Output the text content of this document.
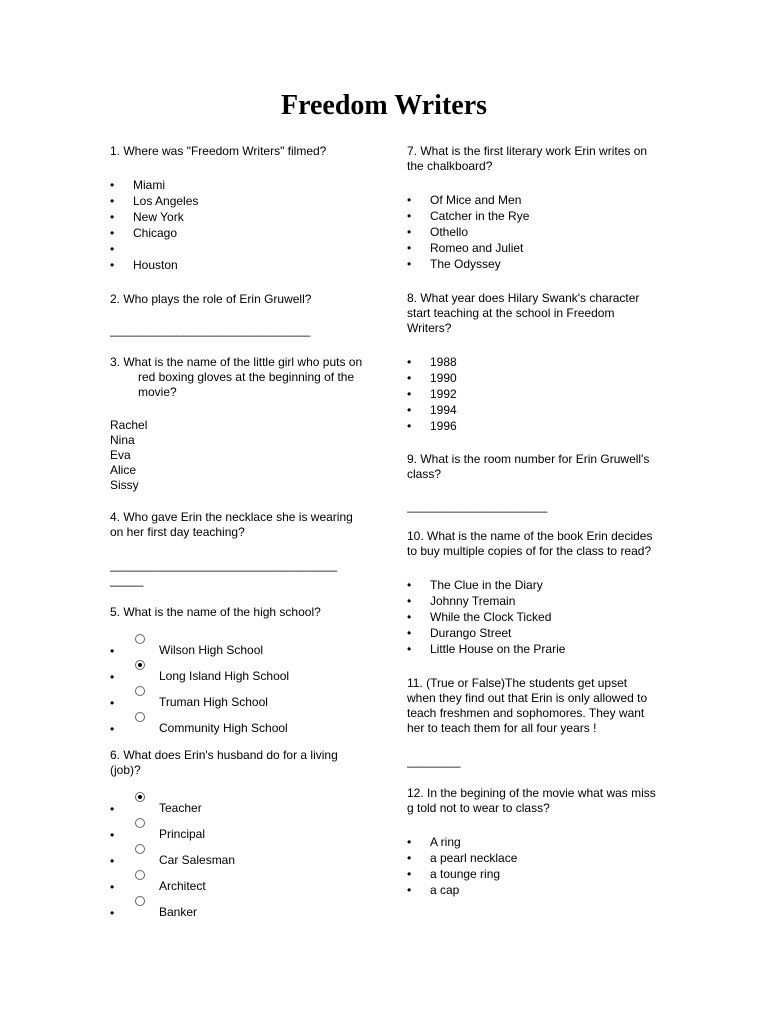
Freedom Writers

1. Where was "Freedom Writers" filmed?

• Miami
• Los Angeles
• New York
• Chicago
•
• Houston

2. Who plays the role of Erin Gruwell?

______________________________

3. What is the name of the little girl who puts on red boxing gloves at the beginning of the movie?

Rachel
Nina
Eva
Alice
Sissy

4. Who gave Erin the necklace she is wearing on her first day teaching?

__________________________________
_____

5. What is the name of the high school?

•	Wilson High School
•	Long Island High School
•	Truman High School
•	Community High School

6. What does Erin's husband do for a living (job)?

•	Teacher
•	Principal
•	Car Salesman
•	Architect
•	Banker

7. What is the first literary work Erin writes on the chalkboard?

• Of Mice and Men
• Catcher in the Rye
• Othello
• Romeo and Juliet
• The Odyssey

8. What year does Hilary Swank's character start teaching at the school in Freedom Writers?

• 1988
• 1990
• 1992
• 1994
• 1996

9. What is the room number for Erin Gruwell's class?

_____________________

10. What is the name of the book Erin decides to buy multiple copies of for the class to read?

• The Clue in the Diary
• Johnny Tremain
• While the Clock Ticked
• Durango Street
• Little House on the Prarie

11. (True or False)The students get upset when they find out that Erin is only allowed to teach freshmen and sophomores. They want her to teach them for all four years !

________

12. In the begining of the movie what was miss g told not to wear to class?

• A ring
• a pearl necklace
• a tounge ring
• a cap
